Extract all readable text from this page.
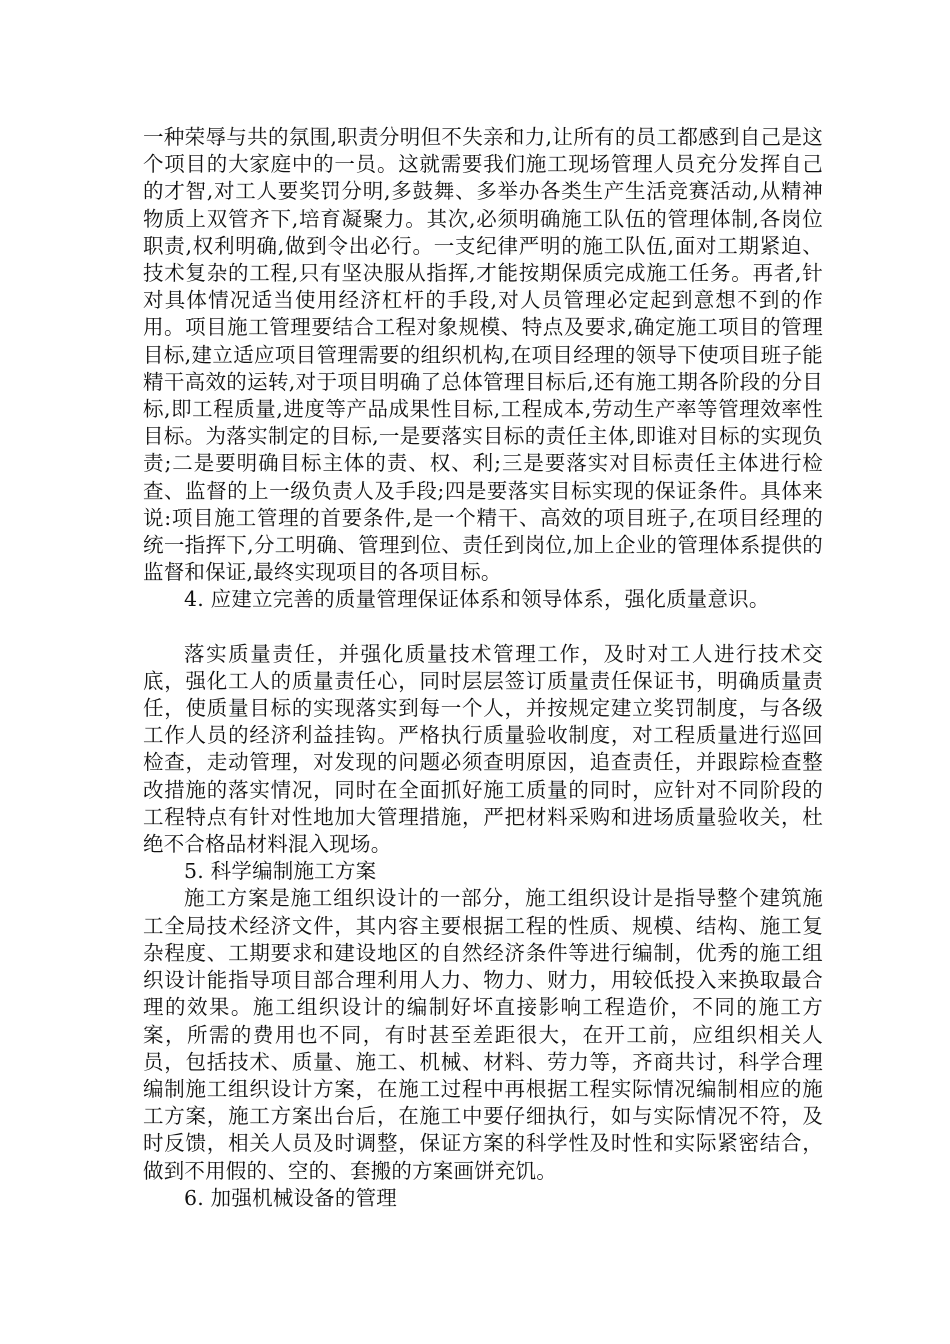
一种荣辱与共的氛围,职责分明但不失亲和力,让所有的员工都感到自己是这个项目的大家庭中的一员。这就需要我们施工现场管理人员充分发挥自己的才智,对工人要奖罚分明,多鼓舞、多举办各类生产生活竞赛活动,从精神物质上双管齐下,培育凝聚力。其次,必须明确施工队伍的管理体制,各岗位职责,权利明确,做到令出必行。一支纪律严明的施工队伍,面对工期紧迫、技术复杂的工程,只有坚决服从指挥,才能按期保质完成施工任务。再者,针对具体情况适当使用经济杠杆的手段,对人员管理必定起到意想不到的作用。项目施工管理要结合工程对象规模、特点及要求,确定施工项目的管理目标,建立适应项目管理需要的组织机构,在项目经理的领导下使项目班子能精干高效的运转,对于项目明确了总体管理目标后,还有施工期各阶段的分目标,即工程质量,进度等产品成果性目标,工程成本,劳动生产率等管理效率性目标。为落实制定的目标,一是要落实目标的责任主体,即谁对目标的实现负责;二是要明确目标主体的责、权、利;三是要落实对目标责任主体进行检查、监督的上一级负责人及手段;四是要落实目标实现的保证条件。具体来说:项目施工管理的首要条件,是一个精干、高效的项目班子,在项目经理的统一指挥下,分工明确、管理到位、责任到岗位,加上企业的管理体系提供的监督和保证,最终实现项目的各项目标。

4. 应建立完善的质量管理保证体系和领导体系，强化质量意识。

落实质量责任，并强化质量技术管理工作，及时对工人进行技术交底，强化工人的质量责任心，同时层层签订质量责任保证书，明确质量责任，使质量目标的实现落实到每一个人，并按规定建立奖罚制度，与各级工作人员的经济利益挂钩。严格执行质量验收制度，对工程质量进行巡回检查，走动管理，对发现的问题必须查明原因，追查责任，并跟踪检查整改措施的落实情况，同时在全面抓好施工质量的同时，应针对不同阶段的工程特点有针对性地加大管理措施，严把材料采购和进场质量验收关，杜绝不合格品材料混入现场。

5. 科学编制施工方案

施工方案是施工组织设计的一部分，施工组织设计是指导整个建筑施工全局技术经济文件，其内容主要根据工程的性质、规模、结构、施工复杂程度、工期要求和建设地区的自然经济条件等进行编制，优秀的施工组织设计能指导项目部合理利用人力、物力、财力，用较低投入来换取最合理的效果。施工组织设计的编制好坏直接影响工程造价，不同的施工方案，所需的费用也不同，有时甚至差距很大，在开工前，应组织相关人员，包括技术、质量、施工、机械、材料、劳力等，齐商共讨，科学合理编制施工组织设计方案，在施工过程中再根据工程实际情况编制相应的施工方案，施工方案出台后，在施工中要仔细执行，如与实际情况不符，及时反馈，相关人员及时调整，保证方案的科学性及时性和实际紧密结合，做到不用假的、空的、套搬的方案画饼充饥。

6. 加强机械设备的管理
